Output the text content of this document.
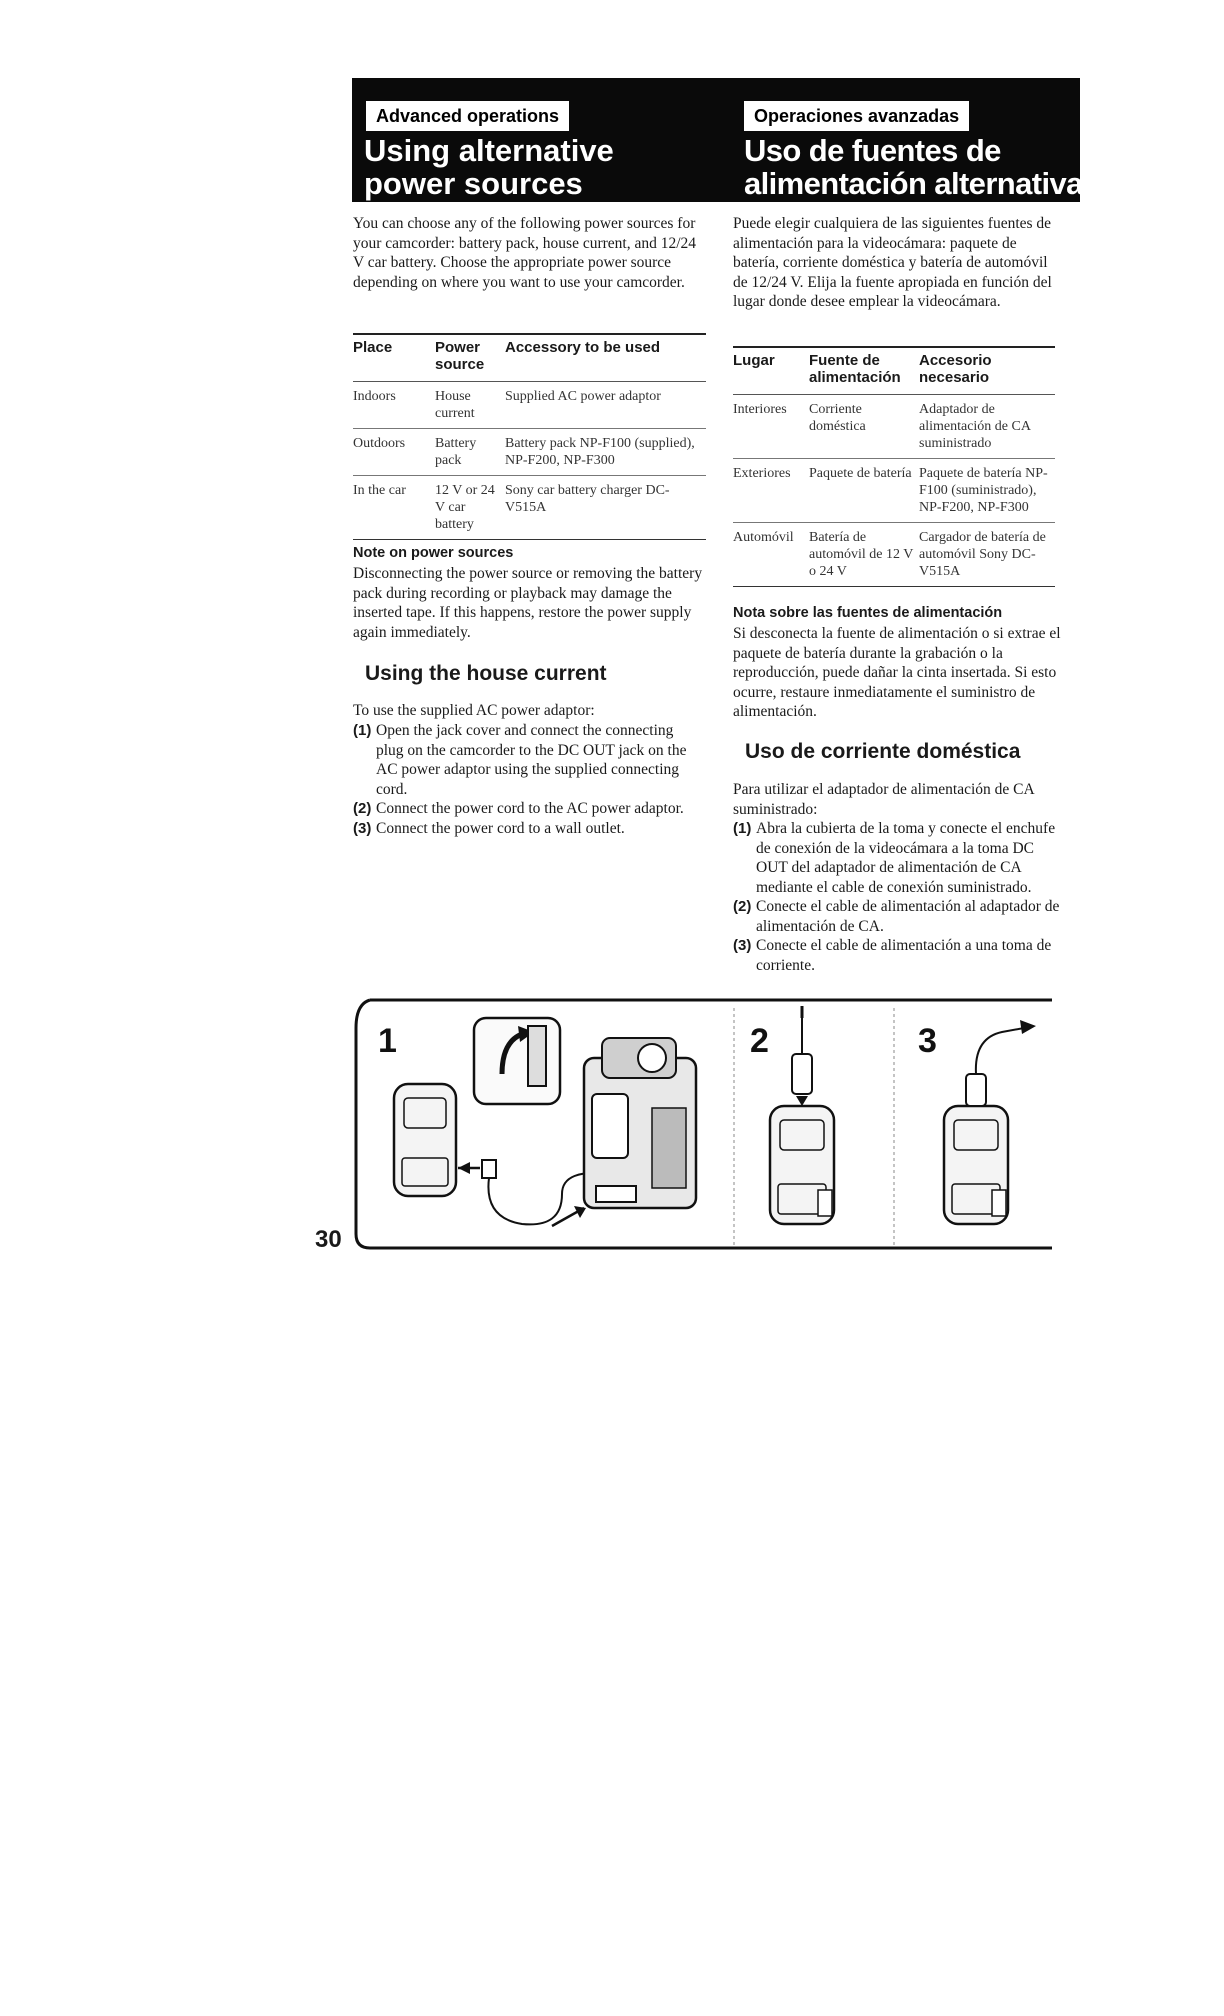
Advanced operations
Using alternative
power sources
Operaciones avanzadas
Uso de fuentes de
alimentación alternativas
You can choose any of the following power sources for your camcorder: battery pack, house current, and 12/24 V car battery. Choose the appropriate power source depending on where you want to use your camcorder.
Place	Power source	Accessory to be used
Indoors	House current	Supplied AC power adaptor
Outdoors	Battery pack	Battery pack NP-F100 (supplied), NP-F200, NP-F300
In the car	12 V or 24 V car battery	Sony car battery charger DC-V515A
Note on power sources
Disconnecting the power source or removing the battery pack during recording or playback may damage the inserted tape. If this happens, restore the power supply again immediately.
Using the house current
To use the supplied AC power adaptor:
(1) Open the jack cover and connect the connecting plug on the camcorder to the DC OUT jack on the AC power adaptor using the supplied connecting cord.
(2) Connect the power cord to the AC power adaptor.
(3) Connect the power cord to a wall outlet.
Puede elegir cualquiera de las siguientes fuentes de alimentación para la videocámara: paquete de batería, corriente doméstica y batería de automóvil de 12/24 V. Elija la fuente apropiada en función del lugar donde desee emplear la videocámara.
Lugar	Fuente de alimentación	Accesorio necesario
Interiores	Corriente doméstica	Adaptador de alimentación de CA suministrado
Exteriores	Paquete de batería	Paquete de batería NP-F100 (suministrado), NP-F200, NP-F300
Automóvil	Batería de automóvil de 12 V o 24 V	Cargador de batería de automóvil Sony DC-V515A
Nota sobre las fuentes de alimentación
Si desconecta la fuente de alimentación o si extrae el paquete de batería durante la grabación o la reproducción, puede dañar la cinta insertada. Si esto ocurre, restaure inmediatamente el suministro de alimentación.
Uso de corriente doméstica
Para utilizar el adaptador de alimentación de CA suministrado:
(1) Abra la cubierta de la toma y conecte el enchufe de conexión de la videocámara a la toma DC OUT del adaptador de alimentación de CA mediante el cable de conexión suministrado.
(2) Conecte el cable de alimentación al adaptador de alimentación de CA.
(3) Conecte el cable de alimentación a una toma de corriente.
1	2	3
30
